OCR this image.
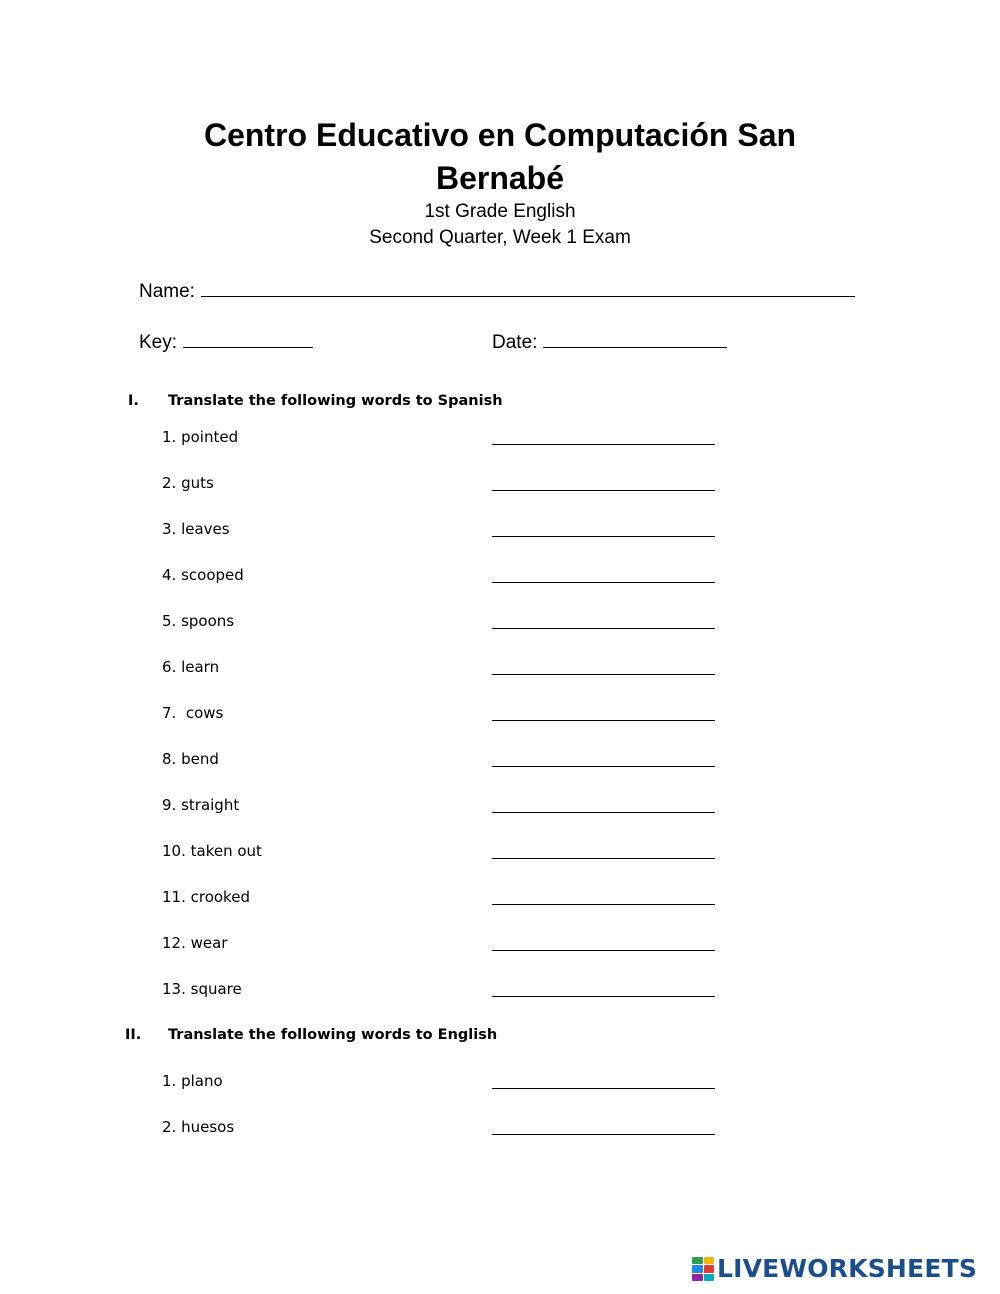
Centro Educativo en Computación San
Bernabé
1st Grade English
Second Quarter, Week 1 Exam
Name:
Key:	Date:
I. Translate the following words to Spanish
1. pointed
2. guts
3. leaves
4. scooped
5. spoons
6. learn
7.  cows
8. bend
9. straight
10. taken out
11. crooked
12. wear
13. square
II. Translate the following words to English
1. plano
2. huesos
LIVEWORKSHEETS
